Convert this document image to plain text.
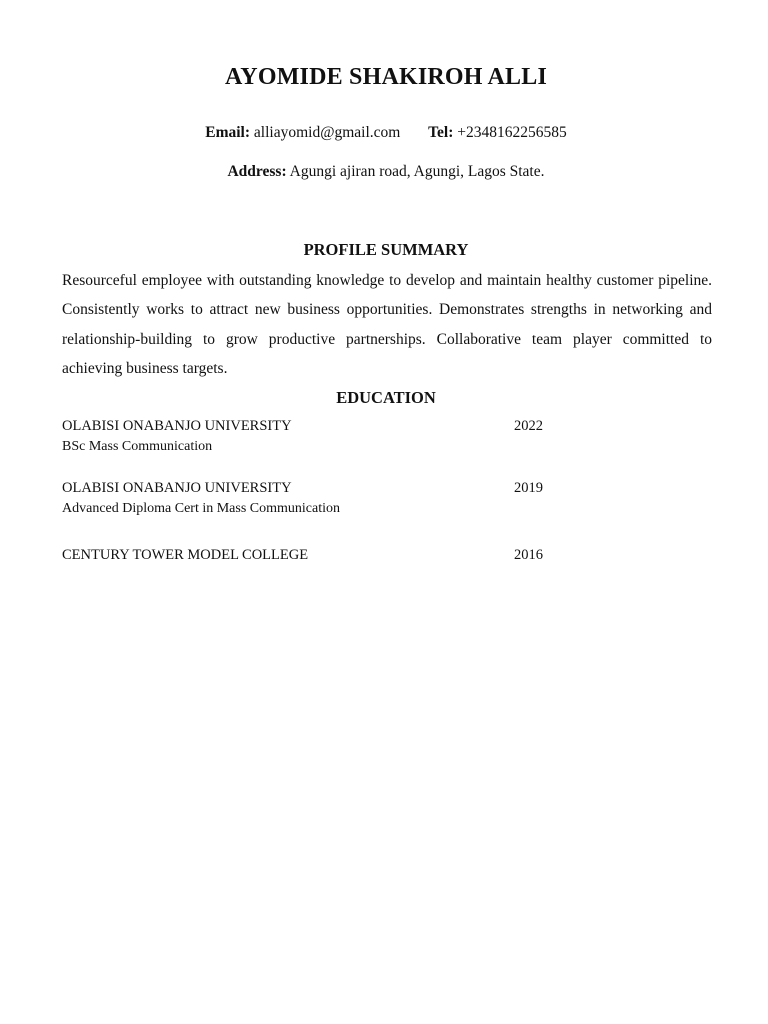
AYOMIDE SHAKIROH ALLI
Email: alliayomid@gmail.com Tel: +2348162256585
Address: Agungi ajiran road, Agungi, Lagos State.
PROFILE SUMMARY

Resourceful employee with outstanding knowledge to develop and maintain healthy customer pipeline. Consistently works to attract new business opportunities. Demonstrates strengths in networking and relationship-building to grow productive partnerships. Collaborative team player committed to achieving business targets.

EDUCATION
OLABISI ONABANJO UNIVERSITY	2022
BSc Mass Communication
OLABISI ONABANJO UNIVERSITY	2019
Advanced Diploma Cert in Mass Communication
CENTURY TOWER MODEL COLLEGE	2016
